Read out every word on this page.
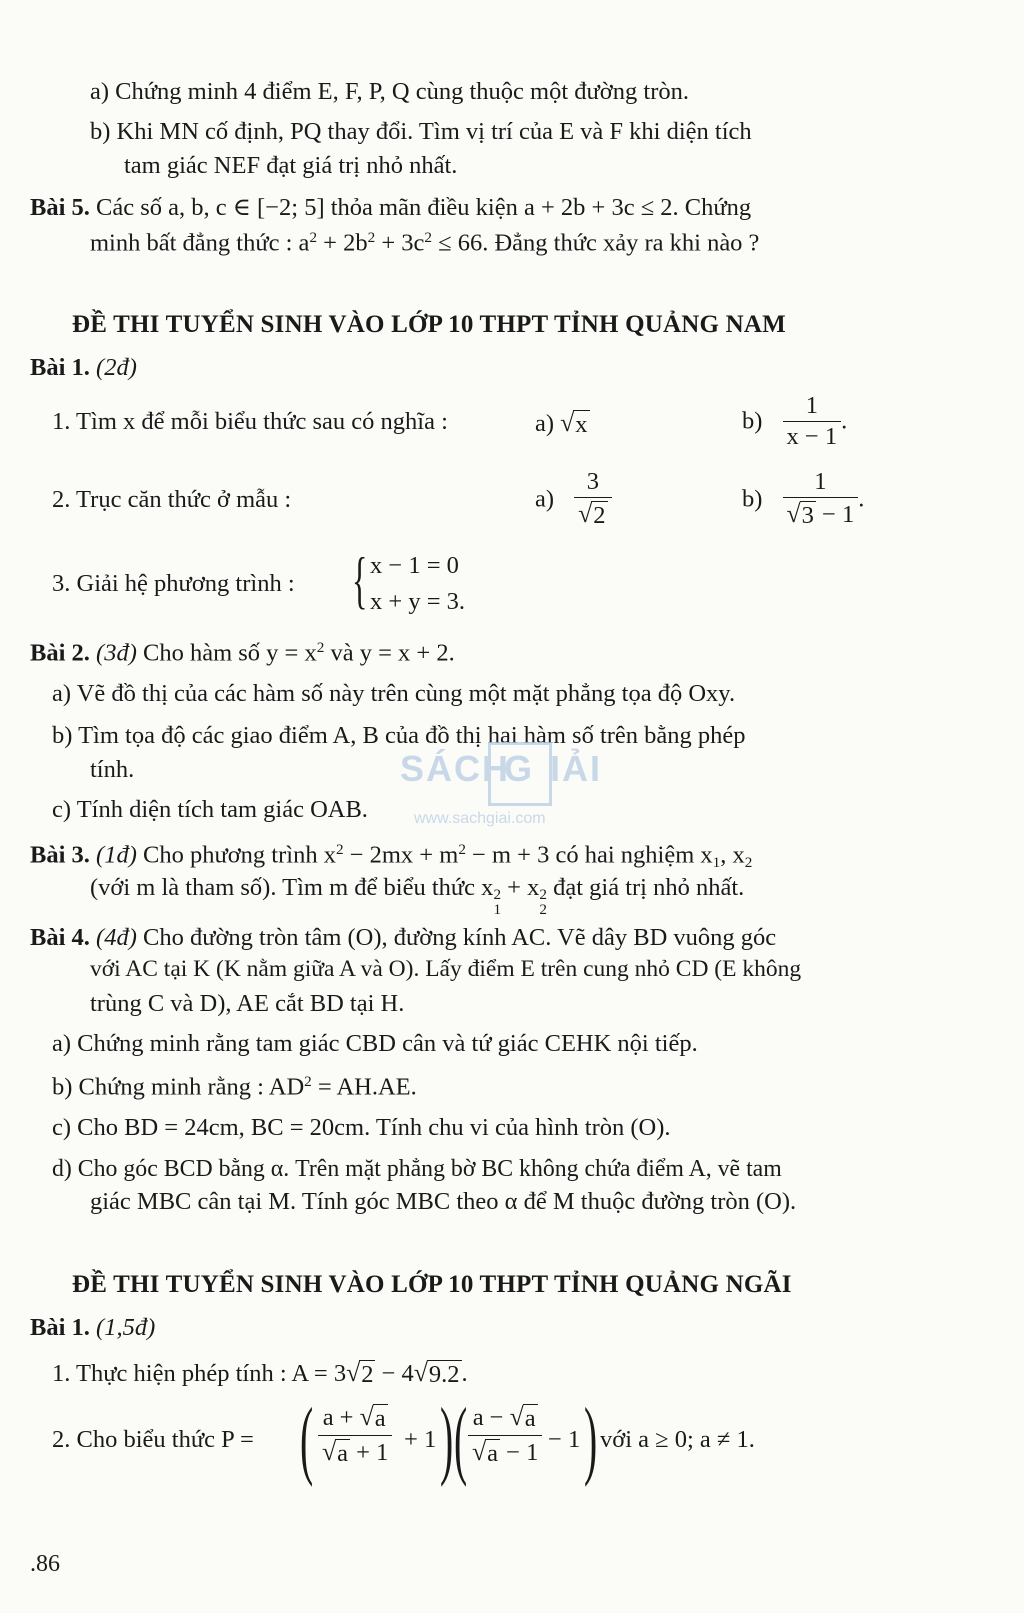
a) Chứng minh 4 điểm E, F, P, Q cùng thuộc một đường tròn.
b) Khi MN cố định, PQ thay đổi. Tìm vị trí của E và F khi diện tích
tam giác NEF đạt giá trị nhỏ nhất.
Bài 5. Các số a, b, c ∈ [−2; 5] thỏa mãn điều kiện a + 2b + 3c ≤ 2. Chứng
minh bất đẳng thức : $a^2 + 2b^2 + 3c^2 \le 66$. Đẳng thức xảy ra khi nào ?
ĐỀ THI TUYỂN SINH VÀO LỚP 10 THPT TỈNH QUẢNG NAM
Bài 1. (2đ)
1. Tìm x để mỗi biểu thức sau có nghĩa :	a) √ x	$b) \frac{1}{x - 1}$ .
2. Trục căn thức ở mẫu :	$a) \frac{3}{√ 2}$	$b) \frac{1}{√ 3 - 1}$ .
3. Giải hệ phương trình : { x − 1 = 0
x + y = 3.
Bài 2. (3đ) Cho hàm số $y = x^2$ và y = x + 2.
a) Vẽ đồ thị của các hàm số này trên cùng một mặt phẳng tọa độ Oxy.
b) Tìm tọa độ các giao điểm A, B của đồ thị hai hàm số trên bằng phép
tính.
c) Tính diện tích tam giác OAB.
Bài 3. (1đ) Cho phương trình $x^2 - 2mx + m^2 - m + 3$ có hai nghiệm $x_1$, $x_2$
(với m là tham số). Tìm m để biểu thức x 2
1
+ x 2
2
đạt giá trị nhỏ nhất.
Bài 4. (4đ) Cho đường tròn tâm (O), đường kính AC. Vẽ dây BD vuông góc
với AC tại K (K nằm giữa A và O). Lấy điểm E trên cung nhỏ CD (E không
trùng C và D), AE cắt BD tại H.
a) Chứng minh rằng tam giác CBD cân và tứ giác CEHK nội tiếp.
b) Chứng minh rằng : $AD^2 = AH.AE$.
c) Cho BD = 24cm, BC = 20cm. Tính chu vi của hình tròn (O).
d) Cho góc BCD bằng α. Trên mặt phẳng bờ BC không chứa điểm A, vẽ tam
giác MBC cân tại M. Tính góc MBC theo α để M thuộc đường tròn (O).
ĐỀ THI TUYỂN SINH VÀO LỚP 10 THPT TỈNH QUẢNG NGÃI
Bài 1. (1,5đ)
1. Thực hiện phép tính : A = 3 √ 2 − 4 √ 9.2 .
2. Cho biểu thức P = ( $\frac{a + √ a}{√ a + 1} + 1$ ) ( $\frac{a - √ a}{√ a - 1} - 1$ ) với a ≥ 0; a ≠ 1.
.86
SÁCH
G IẢI
www.sachgiai.com
